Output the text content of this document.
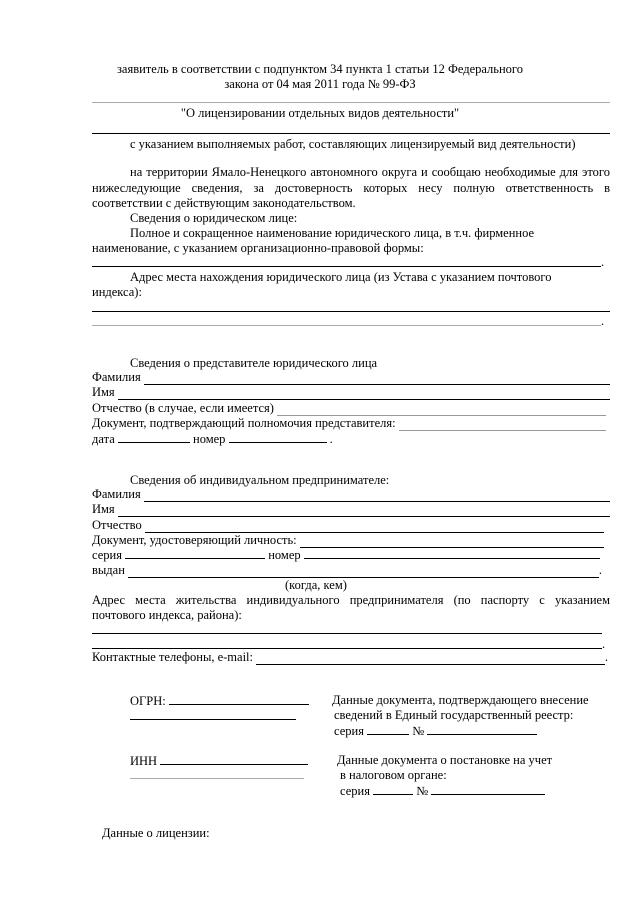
заявитель в соответствии с подпунктом 34 пункта 1 статьи 12 Федерального
закона от 04 мая 2011 года № 99-ФЗ
"О лицензировании отдельных видов деятельности"
с указанием выполняемых работ, составляющих лицензируемый вид деятельности)
на территории Ямало-Ненецкого автономного округа и сообщаю необходимые для этого нижеследующие сведения, за достоверность которых несу полную ответственность в соответствии с действующим законодательством.
Сведения о юридическом лице:
Полное и сокращенное наименование юридического лица, в т.ч. фирменное
наименование, с указанием организационно-правовой формы:
.
Адрес места нахождения юридического лица (из Устава с указанием почтового
индекса):
.
Сведения о представителе юридического лица
Фамилия
Имя
Отчество (в случае, если имеется)
Документ, подтверждающий полномочия представителя:
дата	номер	.
Сведения об индивидуальном предпринимателе:
Фамилия
Имя
Отчество
Документ, удостоверяющий личность:
серия	номер
выдан	.
(когда, кем)
Адрес места жительства индивидуального предпринимателя (по паспорту с указанием
почтового индекса, района):
.
Контактные телефоны, e-mail:	.
ОГРН:	Данные документа, подтверждающего внесение
сведений в Единый государственный реестр:
серия	№
ИНН	Данные документа о постановке на учет
в налоговом органе:
серия	№
Данные о лицензии:
